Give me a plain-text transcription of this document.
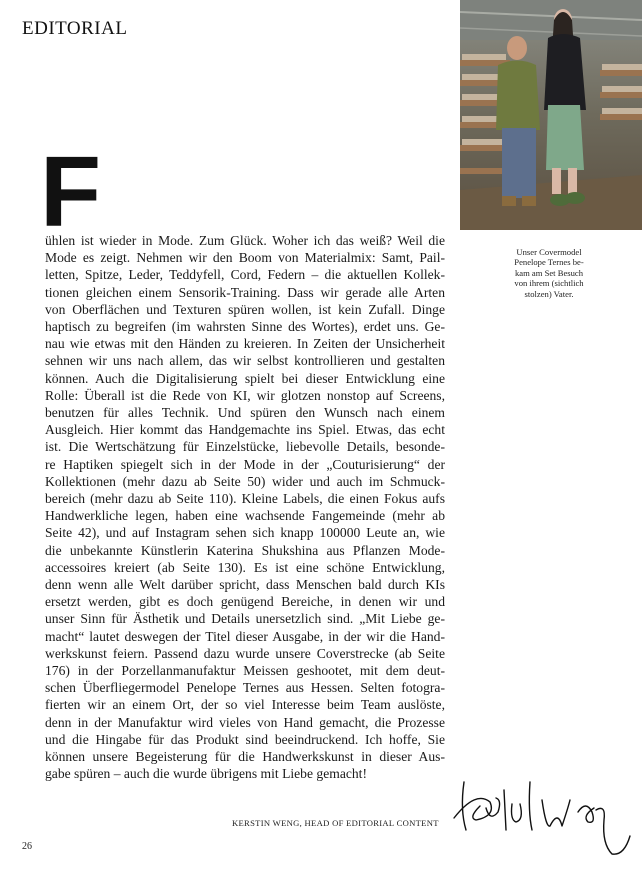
EDITORIAL
Unser Covermodel
Penelope Ternes be-
kam am Set Besuch
von ihrem (sichtlich
stolzen) Vater.
F
ühlen ist wieder in Mode. Zum Glück. Woher ich das weiß? Weil die
Mode es zeigt. Nehmen wir den Boom von Materialmix: Samt, Pail-
letten, Spitze, Leder, Teddyfell, Cord, Federn – die aktuellen Kollek-
tionen gleichen einem Sensorik-Training. Dass wir gerade alle Arten
von Oberflächen und Texturen spüren wollen, ist kein Zufall. Dinge
haptisch zu begreifen (im wahrsten Sinne des Wortes), erdet uns. Ge-
nau wie etwas mit den Händen zu kreieren. In Zeiten der Unsicherheit
sehnen wir uns nach allem, das wir selbst kontrollieren und gestalten
können. Auch die Digitalisierung spielt bei dieser Entwicklung eine
Rolle: Überall ist die Rede von KI, wir glotzen nonstop auf Screens,
benutzen für alles Technik. Und spüren den Wunsch nach einem
Ausgleich. Hier kommt das Handgemachte ins Spiel. Etwas, das echt
ist. Die Wertschätzung für Einzelstücke, liebevolle Details, besonde-
re Haptiken spiegelt sich in der Mode in der „Couturisierung“ der
Kollektionen (mehr dazu ab Seite 50) wider und auch im Schmuck-
bereich (mehr dazu ab Seite 110). Kleine Labels, die einen Fokus aufs
Handwerkliche legen, haben eine wachsende Fangemeinde (mehr ab
Seite 42), und auf Instagram sehen sich knapp 100000 Leute an, wie
die unbekannte Künstlerin Katerina Shukshina aus Pflanzen Mode-
accessoires kreiert (ab Seite 130). Es ist eine schöne Entwicklung,
denn wenn alle Welt darüber spricht, dass Menschen bald durch KIs
ersetzt werden, gibt es doch genügend Bereiche, in denen wir und
unser Sinn für Ästhetik und Details unersetzlich sind. „Mit Liebe ge-
macht“ lautet deswegen der Titel dieser Ausgabe, in der wir die Hand-
werkskunst feiern. Passend dazu wurde unsere Coverstrecke (ab Seite
176) in der Porzellanmanufaktur Meissen geshootet, mit dem deut-
schen Überfliegermodel Penelope Ternes aus Hessen. Selten fotogra-
fierten wir an einem Ort, der so viel Interesse beim Team auslöste,
denn in der Manufaktur wird vieles von Hand gemacht, die Prozesse
und die Hingabe für das Produkt sind beeindruckend. Ich hoffe, Sie
können unsere Begeisterung für die Handwerkskunst in dieser Aus-
gabe spüren – auch die wurde übrigens mit Liebe gemacht!
KERSTIN WENG, HEAD OF EDITORIAL CONTENT
26
